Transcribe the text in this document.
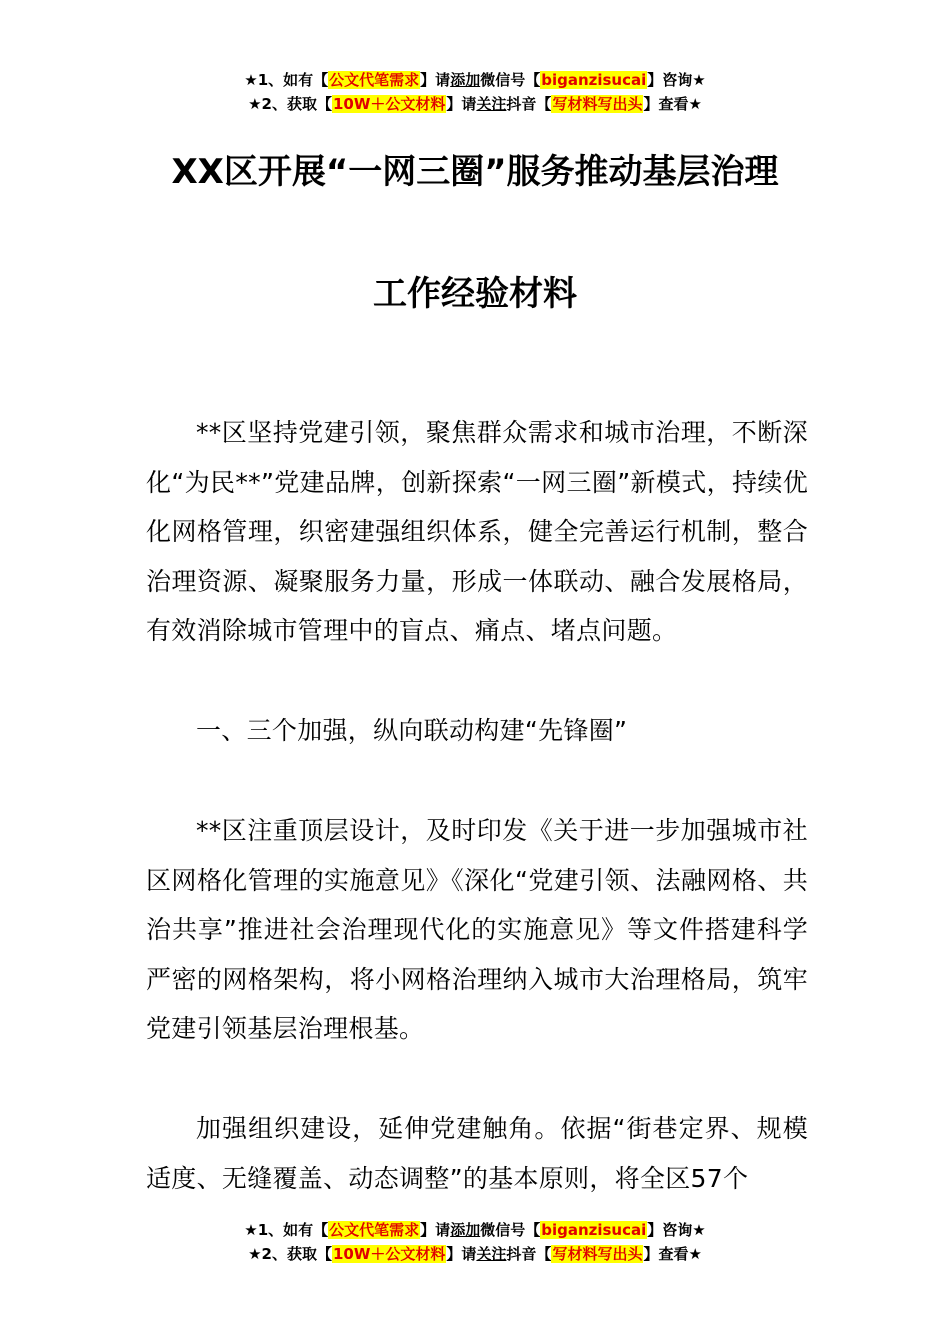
★1、如有【公文代笔需求】请添加微信号【biganzisucai】咨询★
★2、获取【10W＋公文材料】请关注抖音【写材料写出头】查看★
XX区开展“一网三圈”服务推动基层治理
工作经验材料
**区坚持党建引领，聚焦群众需求和城市治理，不断深化“为民**”党建品牌，创新探索“一网三圈”新模式，持续优化网格管理，织密建强组织体系，健全完善运行机制，整合治理资源、凝聚服务力量，形成一体联动、融合发展格局，有效消除城市管理中的盲点、痛点、堵点问题。
一、三个加强，纵向联动构建“先锋圈”
**区注重顶层设计，及时印发《关于进一步加强城市社区网格化管理的实施意见》《深化“党建引领、法融网格、共治共享”推进社会治理现代化的实施意见》等文件搭建科学严密的网格架构，将小网格治理纳入城市大治理格局，筑牢党建引领基层治理根基。
加强组织建设，延伸党建触角。依据“街巷定界、规模适度、无缝覆盖、动态调整”的基本原则，将全区57个
★1、如有【公文代笔需求】请添加微信号【biganzisucai】咨询★
★2、获取【10W＋公文材料】请关注抖音【写材料写出头】查看★
